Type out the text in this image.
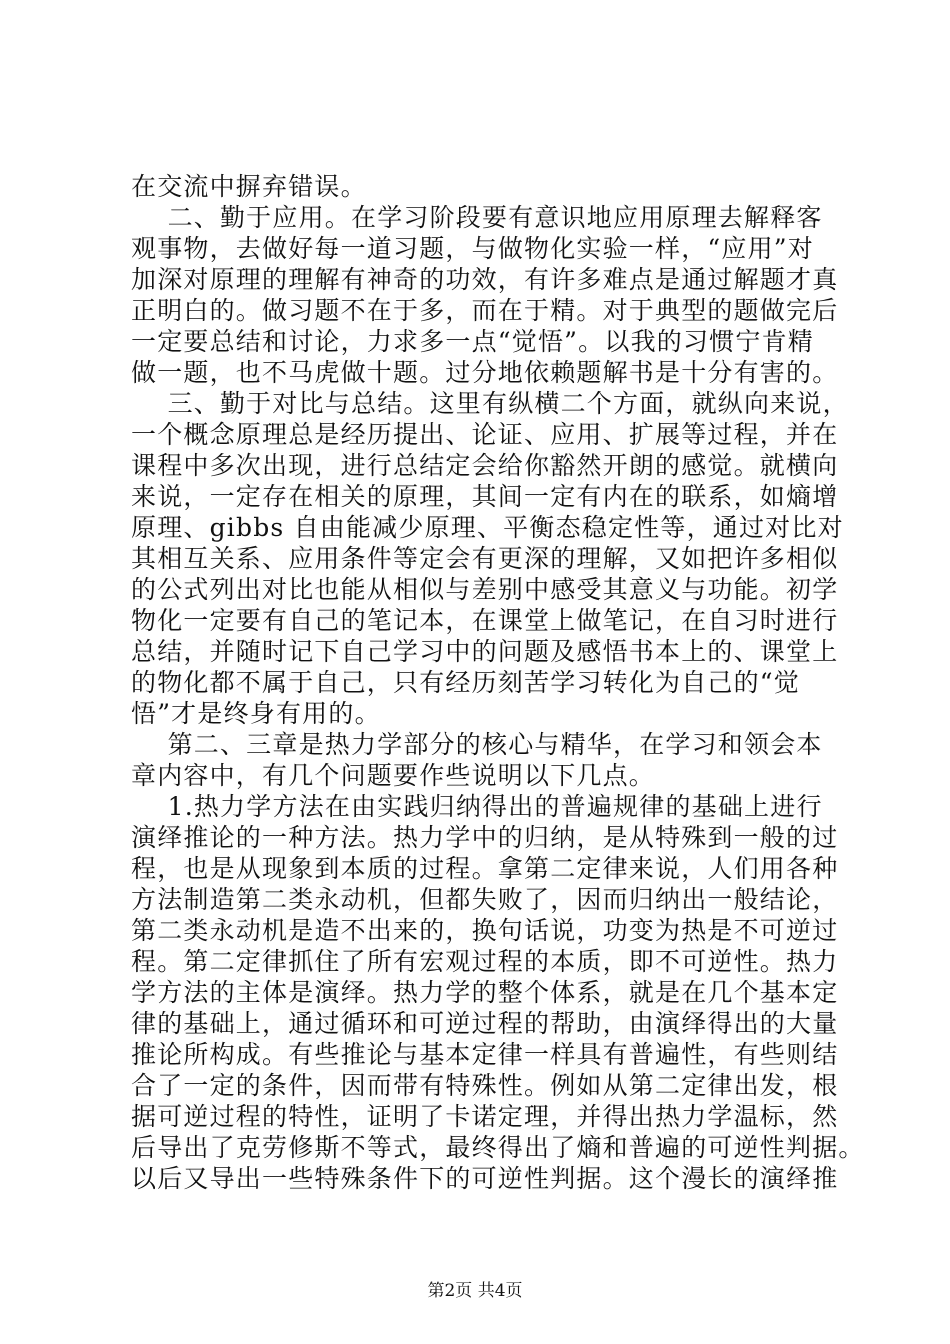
在交流中摒弃错误。
二、勤于应用。在学习阶段要有意识地应用原理去解释客
观事物，去做好每一道习题，与做物化实验一样，“应用”对
加深对原理的理解有神奇的功效，有许多难点是通过解题才真
正明白的。做习题不在于多，而在于精。对于典型的题做完后
一定要总结和讨论，力求多一点“觉悟”。以我的习惯宁肯精
做一题，也不马虎做十题。过分地依赖题解书是十分有害的。
三、勤于对比与总结。这里有纵横二个方面，就纵向来说，
一个概念原理总是经历提出、论证、应用、扩展等过程，并在
课程中多次出现，进行总结定会给你豁然开朗的感觉。就横向
来说，一定存在相关的原理，其间一定有内在的联系，如熵增
原理、gibbs 自由能减少原理、平衡态稳定性等，通过对比对
其相互关系、应用条件等定会有更深的理解，又如把许多相似
的公式列出对比也能从相似与差别中感受其意义与功能。初学
物化一定要有自己的笔记本，在课堂上做笔记，在自习时进行
总结，并随时记下自己学习中的问题及感悟书本上的、课堂上
的物化都不属于自己，只有经历刻苦学习转化为自己的“觉
悟”才是终身有用的。
第二、三章是热力学部分的核心与精华，在学习和领会本
章内容中，有几个问题要作些说明以下几点。
1.热力学方法在由实践归纳得出的普遍规律的基础上进行
演绎推论的一种方法。热力学中的归纳，是从特殊到一般的过
程，也是从现象到本质的过程。拿第二定律来说，人们用各种
方法制造第二类永动机，但都失败了，因而归纳出一般结论，
第二类永动机是造不出来的，换句话说，功变为热是不可逆过
程。第二定律抓住了所有宏观过程的本质，即不可逆性。热力
学方法的主体是演绎。热力学的整个体系，就是在几个基本定
律的基础上，通过循环和可逆过程的帮助，由演绎得出的大量
推论所构成。有些推论与基本定律一样具有普遍性，有些则结
合了一定的条件，因而带有特殊性。例如从第二定律出发，根
据可逆过程的特性，证明了卡诺定理，并得出热力学温标，然
后导出了克劳修斯不等式，最终得出了熵和普遍的可逆性判据。
以后又导出一些特殊条件下的可逆性判据。这个漫长的演绎推
第2页 共4页
